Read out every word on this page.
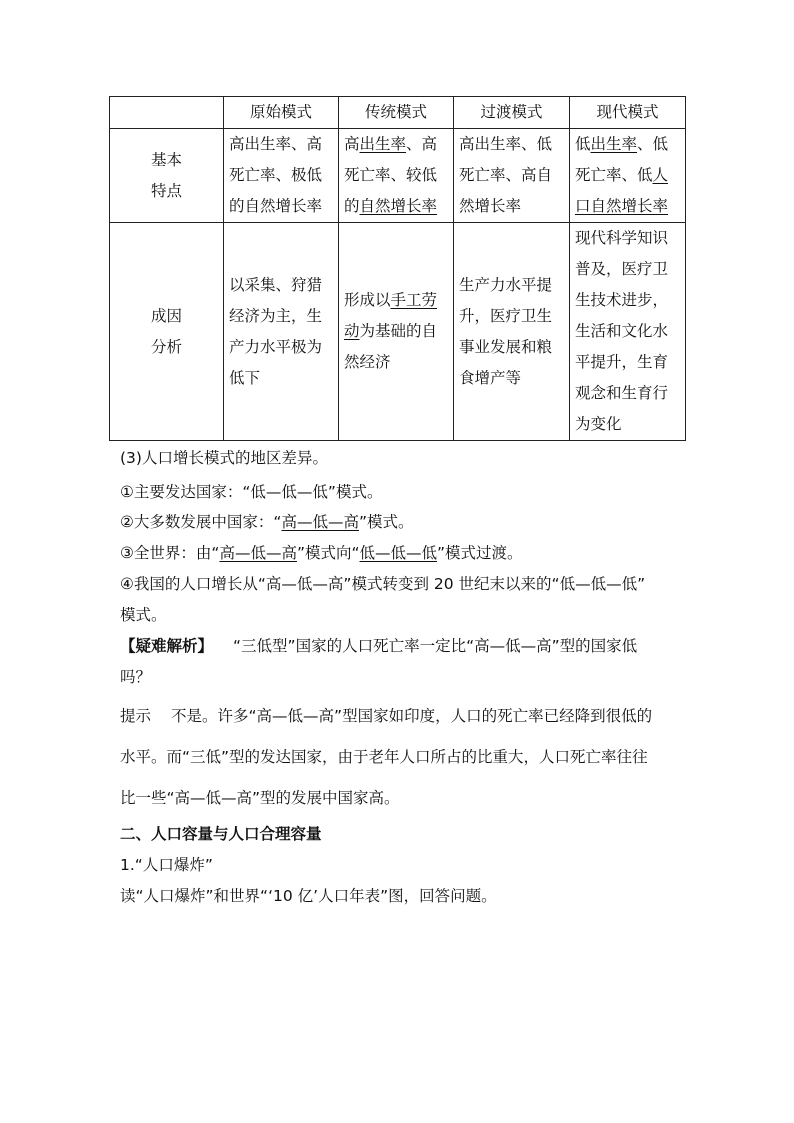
	原始模式	传统模式	过渡模式	现代模式

基本
特点	高出生率、高死亡率、极低的自然增长率	高出生率、高死亡率、较低的自然增长率	高出生率、低死亡率、高自然增长率	低出生率、低死亡率、低人口自然增长率

成因
分析	以采集、狩猎经济为主，生产力水平极为低下	形成以手工劳动为基础的自然经济	生产力水平提升，医疗卫生事业发展和粮食增产等	现代科学知识普及，医疗卫生技术进步，生活和文化水平提升，生育观念和生育行为变化
(3)人口增长模式的地区差异。
①主要发达国家：“低—低—低”模式。
②大多数发展中国家：“高—低—高”模式。
③全世界：由“高—低—高”模式向“低—低—低”模式过渡。
④我国的人口增长从“高—低—高”模式转变到 20 世纪末以来的“低—低—低”
模式。
【疑难解析】 “三低型”国家的人口死亡率一定比“高—低—高”型的国家低
吗？
提示 不是。许多“高—低—高”型国家如印度，人口的死亡率已经降到很低的
水平。而“三低”型的发达国家，由于老年人口所占的比重大，人口死亡率往往
比一些“高—低—高”型的发展中国家高。
二、人口容量与人口合理容量
1.“人口爆炸”
读“人口爆炸”和世界“‘10 亿’人口年表”图，回答问题。
